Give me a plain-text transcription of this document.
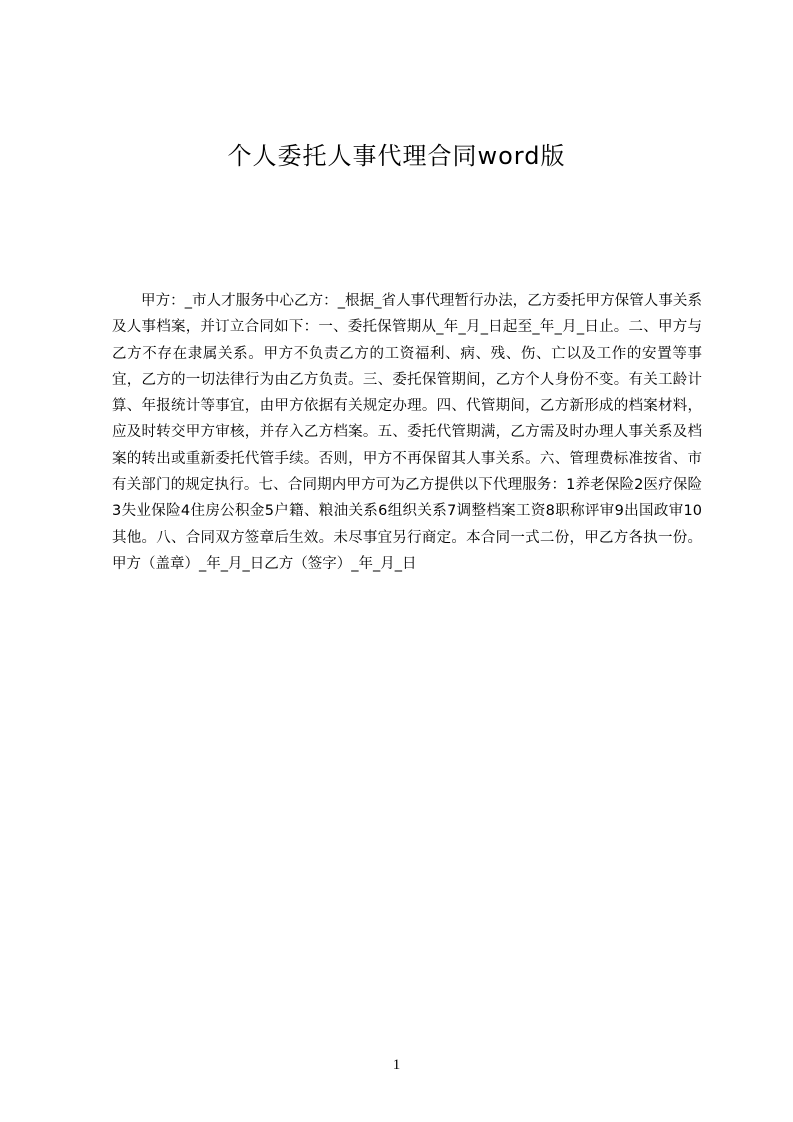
个人委托人事代理合同word版

甲方：_市人才服务中心乙方：_根据_省人事代理暂行办法，乙方委托甲方保管人事关系及人事档案，并订立合同如下：一、委托保管期从_年_月_日起至_年_月_日止。二、甲方与乙方不存在隶属关系。甲方不负责乙方的工资福利、病、残、伤、亡以及工作的安置等事宜，乙方的一切法律行为由乙方负责。三、委托保管期间，乙方个人身份不变。有关工龄计算、年报统计等事宜，由甲方依据有关规定办理。四、代管期间，乙方新形成的档案材料，应及时转交甲方审核，并存入乙方档案。五、委托代管期满，乙方需及时办理人事关系及档案的转出或重新委托代管手续。否则，甲方不再保留其人事关系。六、管理费标准按省、市有关部门的规定执行。七、合同期内甲方可为乙方提供以下代理服务：1养老保险2医疗保险3失业保险4住房公积金5户籍、粮油关系6组织关系7调整档案工资8职称评审9出国政审10其他。八、合同双方签章后生效。未尽事宜另行商定。本合同一式二份，甲乙方各执一份。甲方（盖章）_年_月_日乙方（签字）_年_月_日

1
